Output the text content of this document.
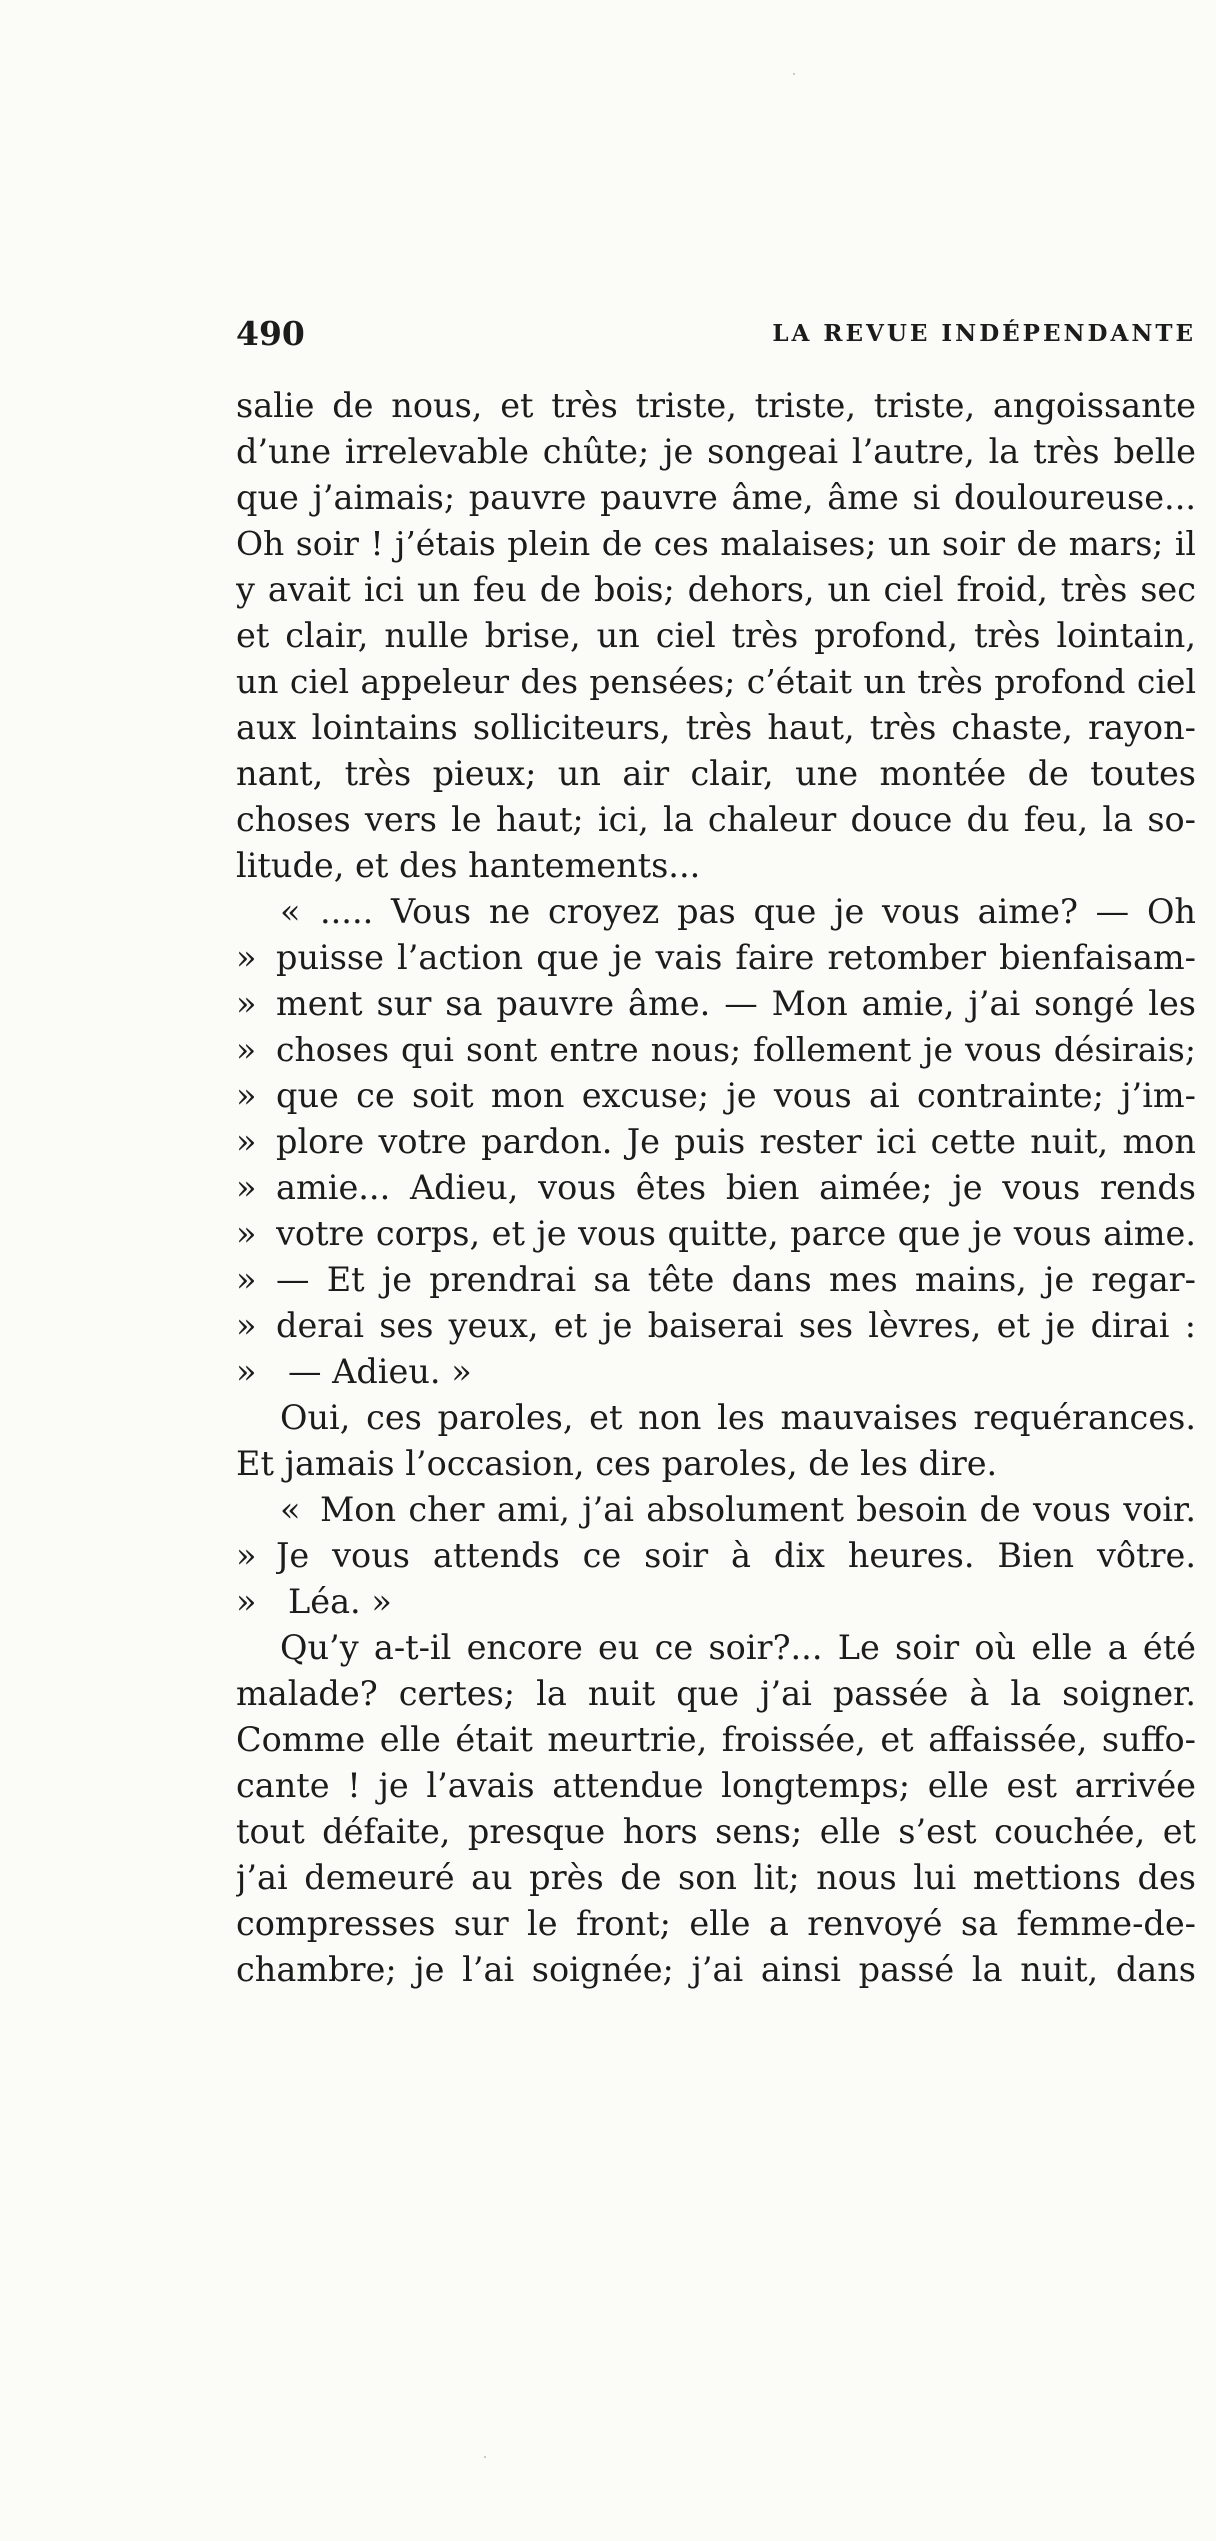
490	LA REVUE INDÉPENDANTE
salie de nous, et très triste, triste, triste, angoissante
d’une irrelevable chûte; je songeai l’autre, la très belle
que j’aimais; pauvre pauvre âme, âme si douloureuse...
Oh soir ! j’étais plein de ces malaises; un soir de mars; il
y avait ici un feu de bois; dehors, un ciel froid, très sec
et clair, nulle brise, un ciel très profond, très lointain,
un ciel appeleur des pensées; c’était un très profond ciel
aux lointains solliciteurs, très haut, très chaste, rayon-
nant, très pieux; un air clair, une montée de toutes
choses vers le haut; ici, la chaleur douce du feu, la so-
litude, et des hantements...
« ..... Vous ne croyez pas que je vous aime? — Oh
» puisse l’action que je vais faire retomber bienfaisam-
» ment sur sa pauvre âme. — Mon amie, j’ai songé les
» choses qui sont entre nous; follement je vous désirais;
» que ce soit mon excuse; je vous ai contrainte; j’im-
» plore votre pardon. Je puis rester ici cette nuit, mon
» amie... Adieu, vous êtes bien aimée; je vous rends
» votre corps, et je vous quitte, parce que je vous aime.
» — Et je prendrai sa tête dans mes mains, je regar-
» derai ses yeux, et je baiserai ses lèvres, et je dirai :
» — Adieu. »
Oui, ces paroles, et non les mauvaises requérances.
Et jamais l’occasion, ces paroles, de les dire.
« Mon cher ami, j’ai absolument besoin de vous voir.
» Je vous attends ce soir à dix heures. Bien vôtre.
» Léa. »
Qu’y a-t-il encore eu ce soir?... Le soir où elle a été
malade? certes; la nuit que j’ai passée à la soigner.
Comme elle était meurtrie, froissée, et affaissée, suffo-
cante ! je l’avais attendue longtemps; elle est arrivée
tout défaite, presque hors sens; elle s’est couchée, et
j’ai demeuré au près de son lit; nous lui mettions des
compresses sur le front; elle a renvoyé sa femme-de-
chambre; je l’ai soignée; j’ai ainsi passé la nuit, dans
